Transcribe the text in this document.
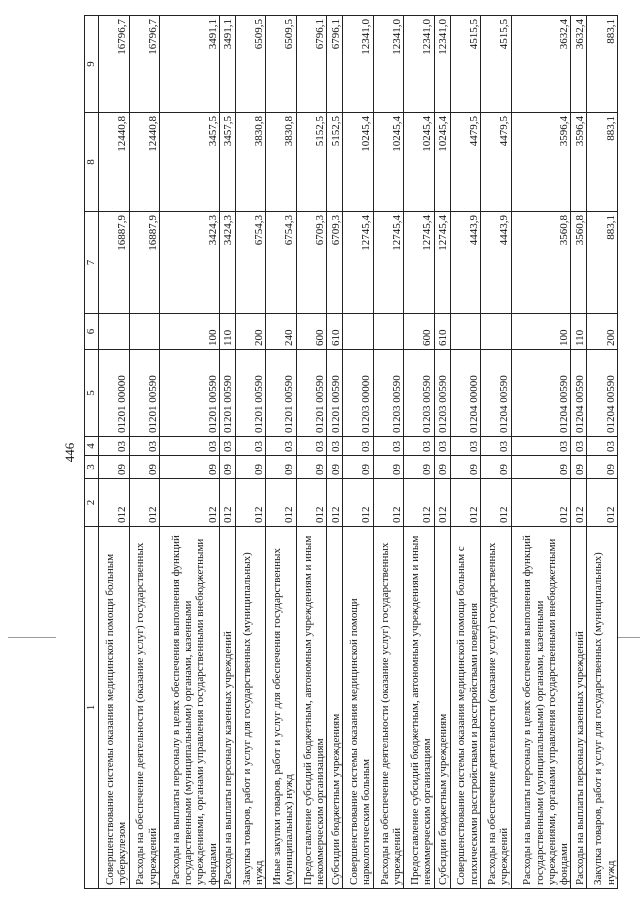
446
1	2	3	4	5	6	7	8	9
Совершенствование системы оказания медицинской помощи больным туберкулезом	012	09	03	01201 00000		16887,9	12440,8	16796,7
Расходы на обеспечение деятельности (оказание услуг) государственных учреждений	012	09	03	01201 00590		16887,9	12440,8	16796,7
Расходы на выплаты персоналу в целях обеспечения выполнения функций государственными (муниципальными) органами, казенными учреждениями, органами управления государственными внебюджетными фондами	012	09	03	01201 00590	100	3424,3	3457,5	3491,1
Расходы на выплаты персоналу казенных учреждений	012	09	03	01201 00590	110	3424,3	3457,5	3491,1
Закупка товаров, работ и услуг для государственных (муниципальных) нужд	012	09	03	01201 00590	200	6754,3	3830,8	6509,5
Иные закупки товаров, работ и услуг для обеспечения государственных (муниципальных) нужд	012	09	03	01201 00590	240	6754,3	3830,8	6509,5
Предоставление субсидий бюджетным, автономным учреждениям и иным некоммерческим организациям	012	09	03	01201 00590	600	6709,3	5152,5	6796,1
Субсидии бюджетным учреждениям	012	09	03	01201 00590	610	6709,3	5152,5	6796,1
Совершенствование системы оказания медицинской помощи наркологическим больным	012	09	03	01203 00000		12745,4	10245,4	12341,0
Расходы на обеспечение деятельности (оказание услуг) государственных учреждений	012	09	03	01203 00590		12745,4	10245,4	12341,0
Предоставление субсидий бюджетным, автономным учреждениям и иным некоммерческим организациям	012	09	03	01203 00590	600	12745,4	10245,4	12341,0
Субсидии бюджетным учреждениям	012	09	03	01203 00590	610	12745,4	10245,4	12341,0
Совершенствование системы оказания медицинской помощи больным с психическими расстройствами и расстройствами поведения	012	09	03	01204 00000		4443,9	4479,5	4515,5
Расходы на обеспечение деятельности (оказание услуг) государственных учреждений	012	09	03	01204 00590		4443,9	4479,5	4515,5
Расходы на выплаты персоналу в целях обеспечения выполнения функций государственными (муниципальными) органами, казенными учреждениями, органами управления государственными внебюджетными фондами	012	09	03	01204 00590	100	3560,8	3596,4	3632,4
Расходы на выплаты персоналу казенных учреждений	012	09	03	01204 00590	110	3560,8	3596,4	3632,4
Закупка товаров, работ и услуг для государственных (муниципальных) нужд	012	09	03	01204 00590	200	883,1	883,1	883,1
